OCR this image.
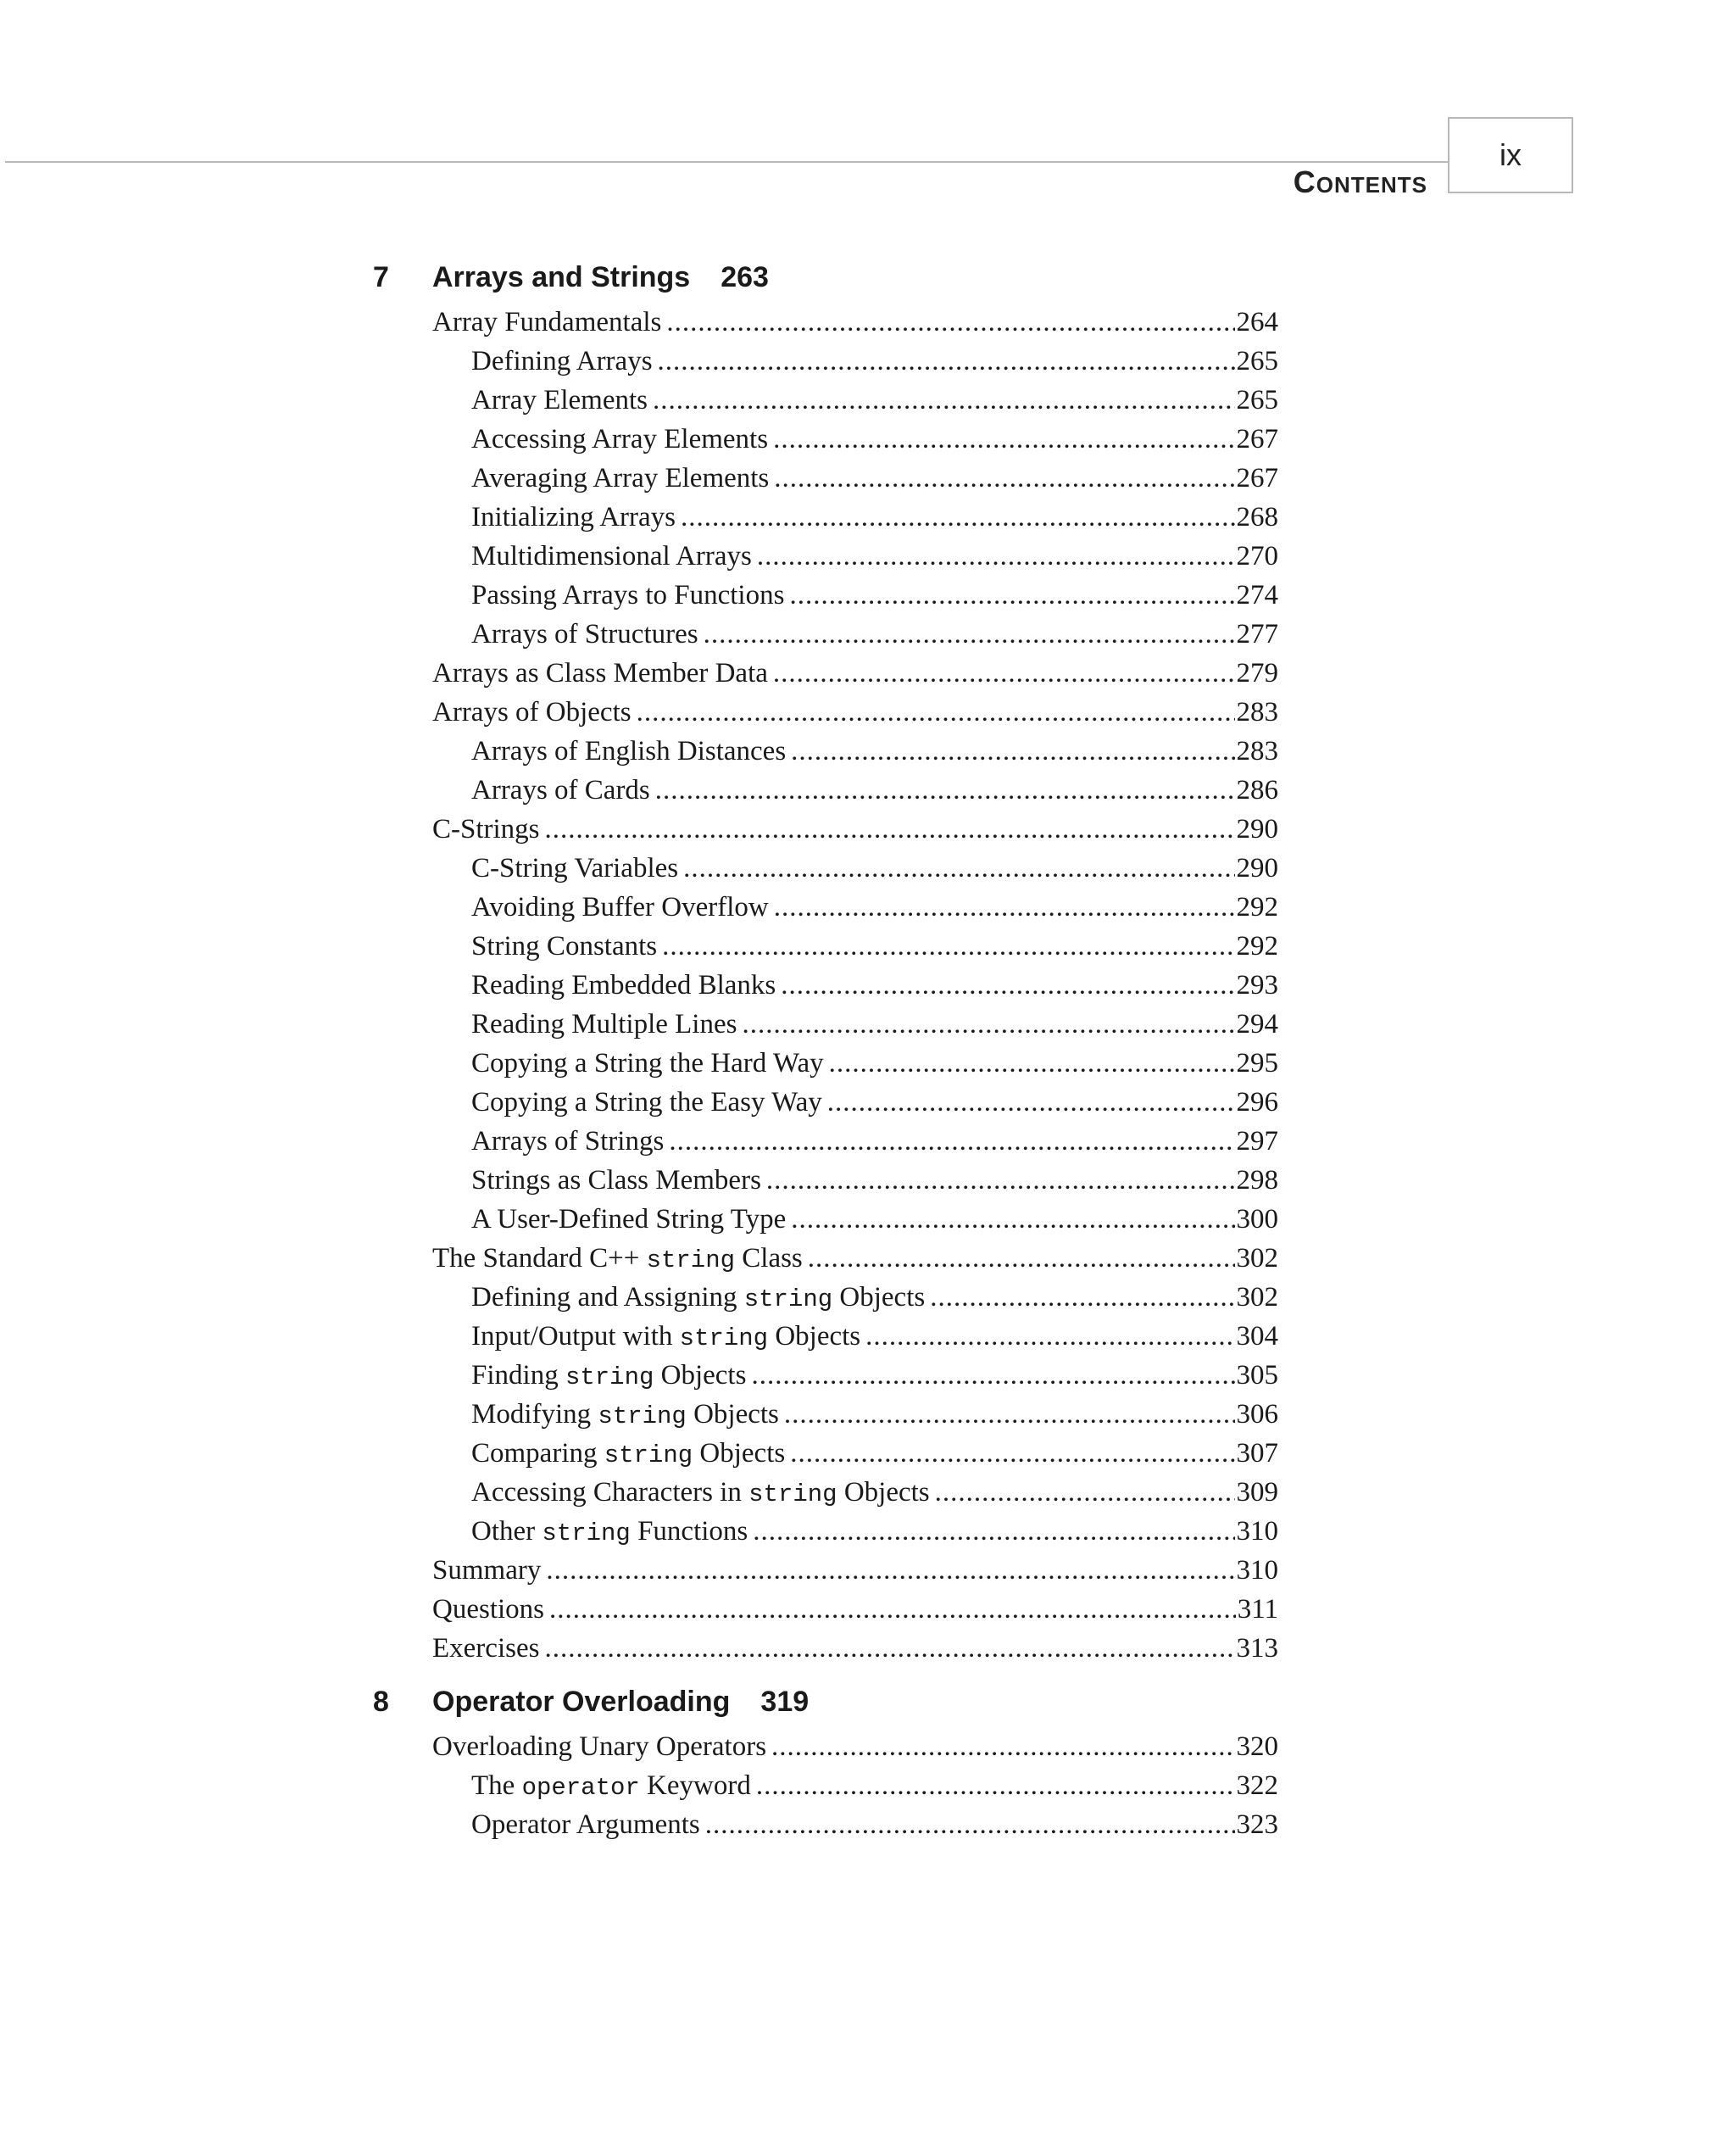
ix
CONTENTS
7 Arrays and Strings 263
Array Fundamentals .....	264
Defining Arrays .....	265
Array Elements .....	265
Accessing Array Elements .....	267
Averaging Array Elements .....	267
Initializing Arrays .....	268
Multidimensional Arrays .....	270
Passing Arrays to Functions .....	274
Arrays of Structures .....	277
Arrays as Class Member Data .....	279
Arrays of Objects .....	283
Arrays of English Distances .....	283
Arrays of Cards .....	286
C-Strings .....	290
C-String Variables .....	290
Avoiding Buffer Overflow .....	292
String Constants .....	292
Reading Embedded Blanks .....	293
Reading Multiple Lines .....	294
Copying a String the Hard Way .....	295
Copying a String the Easy Way .....	296
Arrays of Strings .....	297
Strings as Class Members .....	298
A User-Defined String Type .....	300
The Standard C++ string Class .....	302
Defining and Assigning string Objects .....	302
Input/Output with string Objects .....	304
Finding string Objects .....	305
Modifying string Objects .....	306
Comparing string Objects .....	307
Accessing Characters in string Objects .....	309
Other string Functions .....	310
Summary .....	310
Questions .....	311
Exercises .....	313
8 Operator Overloading 319
Overloading Unary Operators .....	320
The operator Keyword .....	322
Operator Arguments .....	323
